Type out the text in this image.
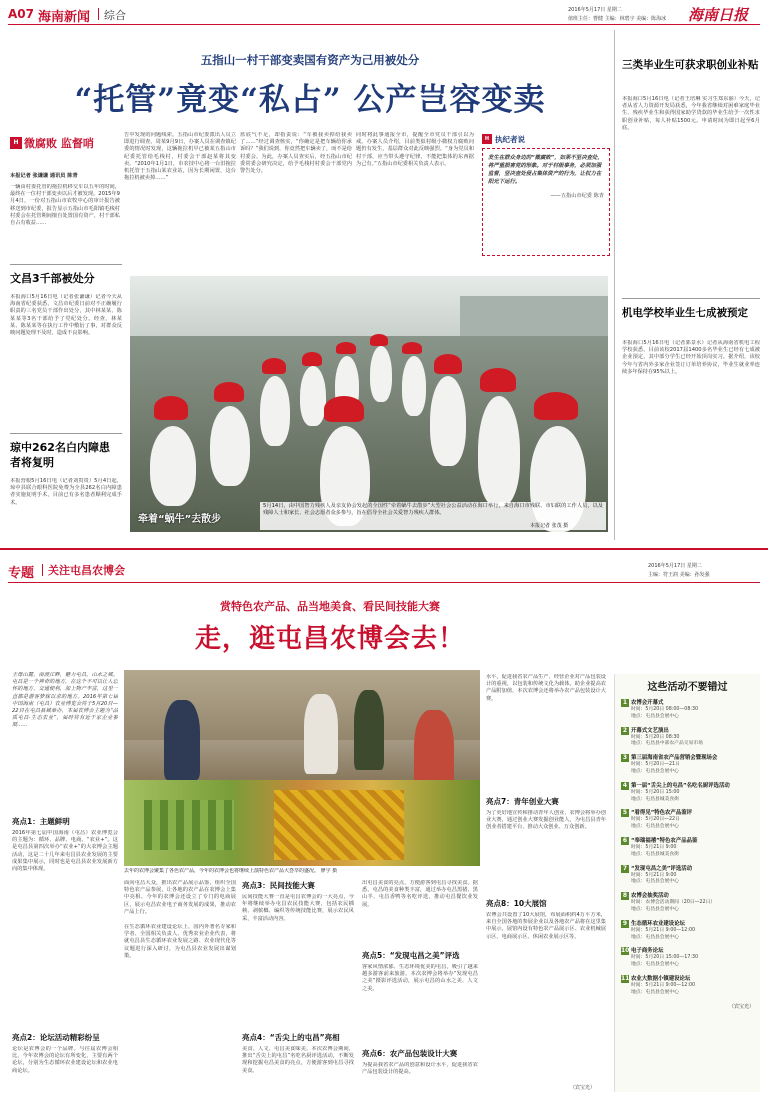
A07 海南新闻 综合	2016年5月17日 星期二
值班主任：曹健 主编：林碧宇 美编：陈海冰 海南日报
五指山一村干部变卖国有资产为己用被处分
“托管”竟变“私占” 公产岂容变卖
H 微腐败 监督哨
本报记者 张谦谦 通讯员 陈青
一辆由村委托管的拖拉机移交车以五年的时间，最终在一位村干部变卖以后才被发现。2015年9月4日，一份对五指山市农牧中心的审计报告被移送到市纪委，报告显示五指山市毛阳镇毛栈村村委会在托管期间擅自处置国有资产，村干部私自占有收益……
告中发现的问题线索。五指山市纪委派出人员立即进行调查。周某9月9日，办案人员在调查镇纪委的情况时发现，这辆拖拉机早已被某五指山市纪委托管给毛栈村，村委会干部赵某将其变卖。“2010年1月1日，市农技中心将一台旧拖拉机托管于五指山某农业站，因为长期闲置，这台拖拉机被卖掉……”
蓝底气不足，却指责说：“车被我卖掉给我卖了……”经过调查核实，“你确定是把车辆给你承诉吗？”我们说到，你竟然把车辆卖了，而不是给村委会。为此，办案人员查实后，经五指山市纪委常委会研究决定，给予毛栈村村委会干部党内警告处分。
同时将此事通报全市，提醒全市党员干部引以为戒。办案人员介绍，目前类似村级小微权力腐败问题仍有发生，基层群众对此反映强烈。“身为党员和村干部，应当带头遵守纪律，不能把集体的东西据为己有。”五指山市纪委相关负责人表示。
H 执纪者说
发生在群众身边的“微腐败”，如果不坚决查处，将严重损害党的形象。对于村级事务，必须加强监督，坚决查处侵占集体资产的行为，让权力在阳光下运行。
——五指山市纪委 陈青
文昌3千部被处分
本报海口5月16日电（记者张谦谦）记者今天从海南省纪委获悉，文昌市纪委日前对不正确履行职责的三名党员干部作出处分，其中林某某、陈某某等3名干部给予了党纪处分。经查，林某某、陈某某等在执行工作中敷衍了事，对群众反映问题处理不及时，造成不良影响。
琼中262名白内障患者将复明
本报营根5月16日电（记者刘贵贵）5月4日起，琼中县联合眼科医院免费为全县262名白内障患者实施复明手术，目前已有多名患者顺利完成手术。
牵着“蜗牛”去散步
5月14日，由中国智力残疾人及亲友协会发起的全国性“牵着蜗牛去散步”大型社会公益活动在海口举行，来自海口市残联、市妇联的工作人员，以及残障人士和家长、社会志愿者众多参与，旨在倡导全社会关爱智力残疾人群体。
本报记者 张茂 摄
三类毕业生可获求职创业补贴
本报海口5月16日电（记者王培琳 实习生郑东丽）今天，记者从省人力资源开发局获悉，今年我省继续对困难家庭毕业生、残疾毕业生和获得国家助学贷款的毕业生给予一次性求职创业补贴，每人补贴1500元。申请时间为即日起至6月底。
机电学校毕业生七成被预定
本报海口5月16日电（记者郭景水）记者从海南省机电工程学校获悉，目前该校2017届1400多名毕业生已经有七成被企业预定，其中部分学生已经开始顶岗实习。据介绍，该校今年与省内外多家企业签订订单培养协议，毕业生就业率连续多年保持在95%以上。
专题 关注屯昌农博会	2016年5月17日 星期二
主编：符王润 美编：孙发强
赏特色农产品、品当地美食、看民间技能大赛
走，逛屯昌农博会去！
王母山麓，南渡江畔，魅力屯昌，山水之城。屯昌是一个神奇的地方，在这个不可以让人忘怀的地方，交通便利，加上物产丰富，这里一直都是游客梦寐以求的地方。2016年第七届中国海南（屯昌）农业博览会将于5月20日—22日在屯昌县城举办，本届农博会主题为“品质屯昌·生态农业”，届时将有近千家企业参展……
亮点1：主题鲜明
2016年第七届中国海南（屯昌）农业博览会的主题为：循环、品牌、电商、“农业+”。这是屯昌县第四次举办“农业+”的大农博会主题活动，这是二十几年来屯昌县农业发展的主要成果集中展示，同时也是屯昌县农业发展新方向的集中体现。
亮点2：论坛活动精彩纷呈
论坛是农博会的一个品牌。与往届农博会相比，今年农博会的论坛有所变化，主要有两个论坛，分别为生态循环农业建设论坛和农业电商论坛。
去年的农博会聚集了各色农产品，今年的农博会也将继续上演特色农产品大荟萃的盛况。 廖宇 摄
面向屯昌大众，推出农产品展示品鉴，组织全国特色农产品参展，让各地的农产品在农博会上集中亮相。今年的农博会还设立了专门的电商展区，展示屯昌农业电子商务发展的成果，推动农产品上行。
在生态循环农业建设论坛上，国内外著名专家和学者、全国相关负责人、优秀农业企业代表，将就屯昌县生态循环农业发展之路、农业现代化等议题进行深入研讨，为屯昌县农业发展出谋划策。
亮点3：民间技能大赛
民间技能大赛一直是屯昌农博会的一大亮点，今年将继续举办屯昌农民技能大赛，包括农民插秧、剥槟榔、编织等传统技能比赛，展示农民风采，丰富活动内容。
亮点4：“舌尖上的屯昌”亮相
美食、人文、屯昌美食味美。本次农博会期间，推出“舌尖上的屯昌”名吃名厨评选活动，不断发现和挖掘屯昌美食的亮点，方便游客到屯昌寻找美食。
出屯昌美食的亮点，方便游客到屯昌寻找美食。据悉，屯昌的美食种类丰富，通过举办屯昌黑猪、黑山羊、屯昌香鸭等名吃评选，推动屯昌餐饮业发展。
亮点5：“发现屯昌之美”评选
客家风情浓郁、生态环境优美的屯昌，吸引了越来越多游客前来旅游。本次农博会将举办“发现屯昌之美”摄影评选活动，展示屯昌的山水之美、人文之美。
亮点6：农产品包装设计大赛
为提高我省农产品的创意和设计水平，促进我省农产品包装设计的提高。
水平，促进我省农产品生产、经营企业对产品包装设计的重视，以包装和传统文化为载体，助企业提高农产品附加值，本次农博会还将举办农产品包装设计大赛。
亮点7：青年创业大赛
为了更好地宣传和推动青年人创业，农博会将举办创业大赛，通过创业大赛发掘创业能人，为屯昌县青年创业者搭建平台，推动大众创业、万众创新。
亮点8：10大展馆
农博会共设置了10大展馆，布展面积约4万平方米，来自全国各地的参展企业以及各地农产品将在这里集中展示，展馆内设有特色农产品展示区、农业机械展示区、电商展示区、休闲农业展示区等。
（宾宝光）
这些活动不要错过
1 农博会开幕式
时间：5月20日 08:00—08:30
地点：屯昌县会展中心
2 开幕式文艺演出
时间：5月20日 08:30
地点：屯昌县中部农产品交易市场
3 第三届海南省农产品营销会暨现场会
时间：5月20日—21日
地点：屯昌县会展中心
4 第一届“舌尖上的屯昌”名吃名厨评选活动
时间：5月20日 15:00
地点：屯昌县城美食街
5 “看得见”特色农产品鉴评
时间：5月20日—22日
地点：屯昌县会展中心
6 “奉瑞福禧”特色农产品品鉴
时间：5月21日 9:00
地点：屯昌县城美食街
7 “发现屯昌之美”评选活动
时间：5月21日 9:00
地点：屯昌县会展中心
8 农博会抽奖活动
时间：农博会活动期间（20日—22日）
地点：屯昌县会展中心
9 生态循环农业建设论坛
时间：5月21日 9:00—12:00
地点：屯昌县会展中心
10 电子商务论坛
时间：5月20日 15:00—17:30
地点：屯昌县会展中心
11 农业大数据小镇建设论坛
时间：5月21日 9:00—12:00
地点：屯昌县会展中心
（宾宝光）
